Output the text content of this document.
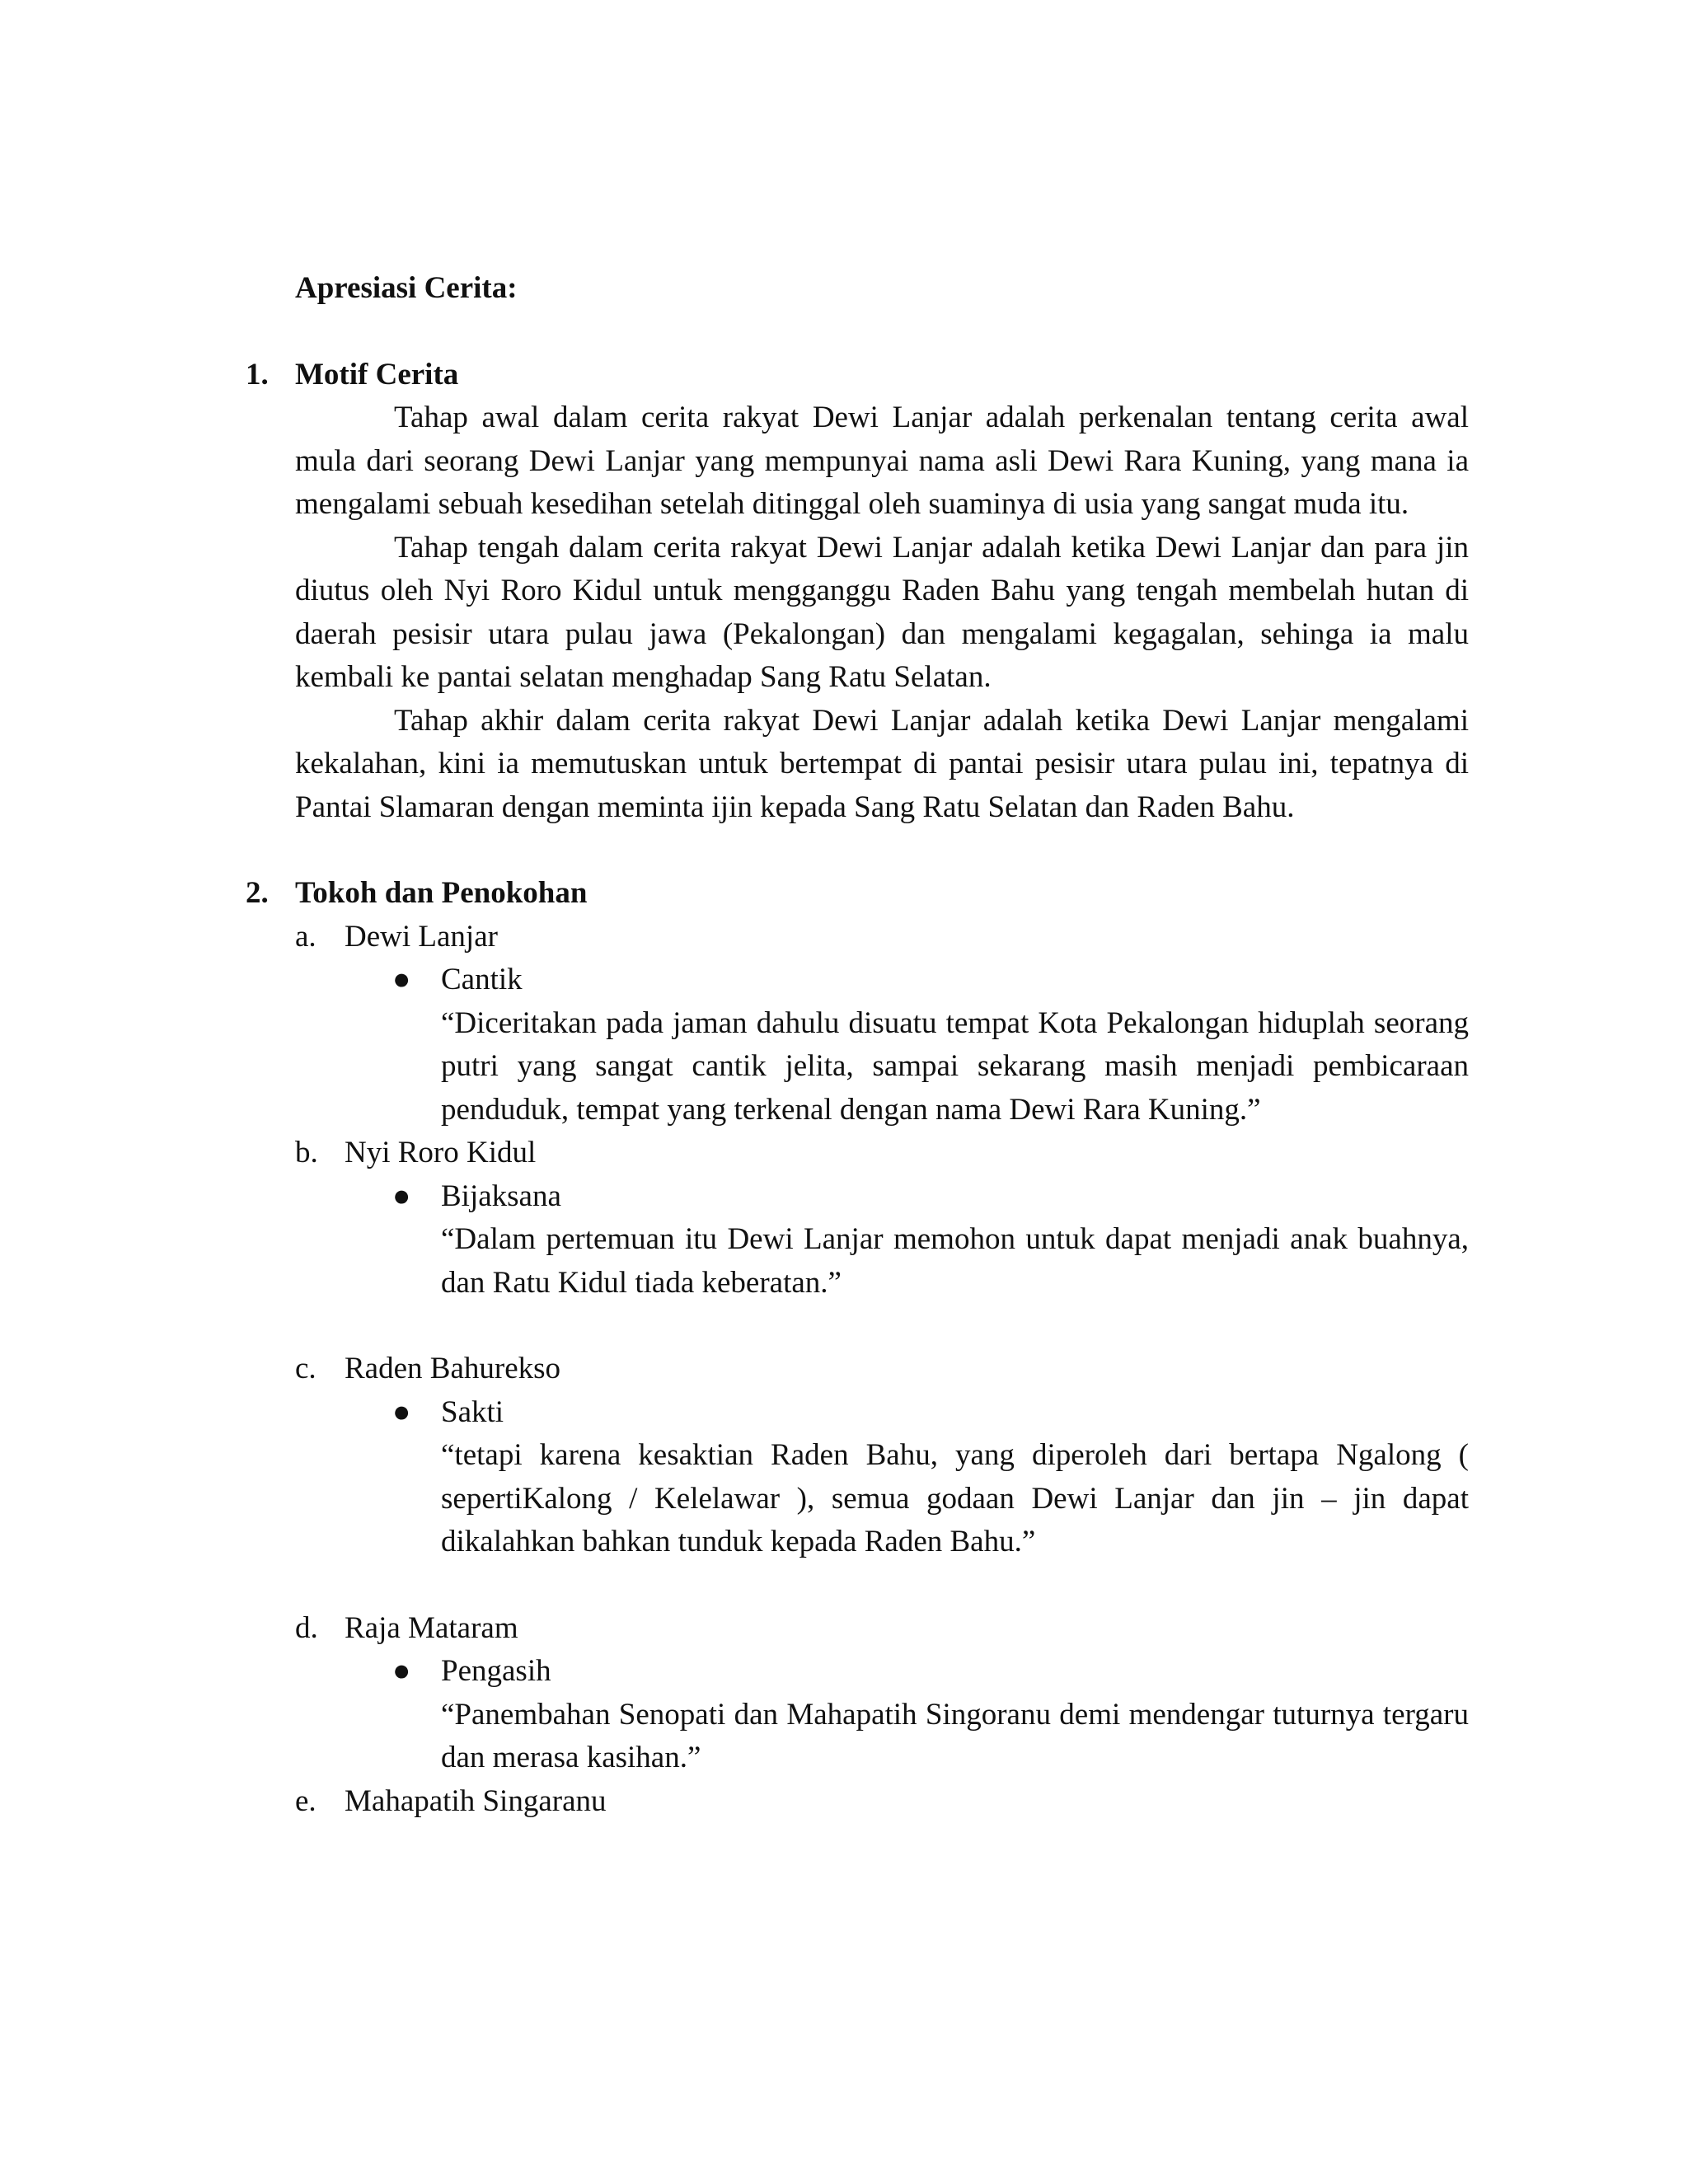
Apresiasi Cerita:

1. Motif Cerita

Tahap awal dalam cerita rakyat Dewi Lanjar adalah perkenalan tentang cerita awal mula dari seorang Dewi Lanjar yang mempunyai nama asli Dewi Rara Kuning, yang mana ia mengalami sebuah kesedihan setelah ditinggal oleh suaminya di usia yang sangat muda itu.

Tahap tengah dalam cerita rakyat Dewi Lanjar adalah ketika Dewi Lanjar dan para jin diutus oleh Nyi Roro Kidul untuk mengganggu Raden Bahu yang tengah membelah hutan di daerah pesisir utara pulau jawa (Pekalongan) dan mengalami kegagalan, sehinga ia malu kembali ke pantai selatan menghadap Sang Ratu Selatan.

Tahap akhir dalam cerita rakyat Dewi Lanjar adalah ketika Dewi Lanjar mengalami kekalahan, kini ia memutuskan untuk bertempat di pantai pesisir utara pulau ini, tepatnya di Pantai Slamaran dengan meminta ijin kepada Sang Ratu Selatan dan Raden Bahu.

2. Tokoh dan Penokohan
a. Dewi Lanjar

● Cantik

“Diceritakan pada jaman dahulu disuatu tempat Kota Pekalongan hiduplah seorang putri yang sangat cantik jelita, sampai sekarang masih menjadi pembicaraan penduduk, tempat yang terkenal dengan nama Dewi Rara Kuning.”

b. Nyi Roro Kidul

● Bijaksana

“Dalam pertemuan itu Dewi Lanjar memohon untuk dapat menjadi anak buahnya, dan Ratu Kidul tiada keberatan.”

c. Raden Bahurekso

● Sakti

“tetapi karena kesaktian Raden Bahu, yang diperoleh dari bertapa Ngalong ( sepertiKalong / Kelelawar ), semua godaan Dewi Lanjar dan jin – jin dapat dikalahkan bahkan tunduk kepada Raden Bahu.”

d. Raja Mataram

● Pengasih

“Panembahan Senopati dan Mahapatih Singoranu demi mendengar tuturnya tergaru dan merasa kasihan.”

e. Mahapatih Singaranu
